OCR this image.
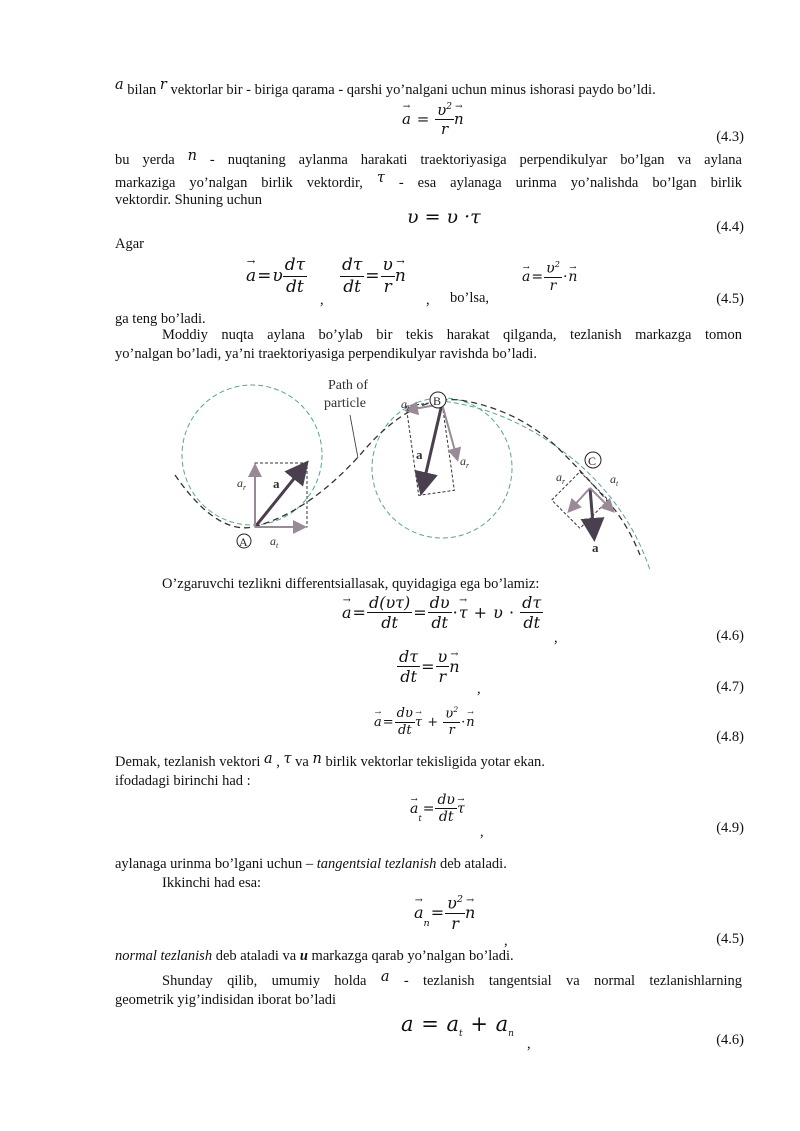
a bilan r vektorlar bir - biriga qarama - qarshi yo’nalgani uchun minus ishorasi paydo bo’ldi.
→ $a = \frac{\upsilon^2}{r}$
→ n
(4.3)
bu yerda n - nuqtaning aylanma harakati traektoriyasiga perpendikulyar bo’lgan va aylana
markaziga yo’nalgan birlik vektordir, τ - esa aylanaga urinma yo’nalishda bo’lgan birlik
vektordir. Shuning uchun
υ = υ ·τ	(4.4)
Agar
→ $a=\upsilon \frac{d\tau}{dt}$
,
$\frac{d\tau}{dt} = \frac{\upsilon}{r}$
→ n
, bo’lsa,
→ $a= \frac{\upsilon^2}{r} \cdot\to n$
(4.5)
ga teng bo’ladi.
Moddiy nuqta aylana bo’ylab bir tekis harakat qilganda, tezlanish markazga tomon
yo’nalgan bo’ladi, ya’ni traektoriyasiga perpendikulyar ravishda bo’ladi.
Path of
particle
A
$a_r$
$a_t$
a
B
$a_t$
$a_r$
a	C
$a_r$	$a_t$
a
O’zgaruvchi tezlikni differentsiallasak, quyidagiga ega bo’lamiz:
→ $a= \frac{d(\upsilon\tau)}{dt} = \frac{d\upsilon}{dt} \cdot\to \tau + \upsilon \cdot \frac{d\tau}{dt}$
,	(4.6)
$\frac{d\tau}{dt} = \frac{\upsilon}{r}$
→ n
,	(4.7)
→ $a= \frac{d\upsilon}{dt}$
→ $\tau + \frac{\upsilon^2}{r} \cdot\to n$
(4.8)
Demak, tezlanish vektori a , τ va n birlik vektorlar tekisligida yotar ekan.
ifodadagi birinchi had :
→ $a_t= \frac{d\upsilon}{dt}$
→ τ
,	(4.9)
aylanaga urinma bo’lgani uchun – tangentsial tezlanish deb ataladi.
Ikkinchi had esa:
→ $a_n= \frac{\upsilon^2}{r}$
→ n
,	(4.5)
normal tezlanish deb ataladi va u markazga qarab yo’nalgan bo’ladi.
Shunday qilib, umumiy holda a - tezlanish tangentsial va normal tezlanishlarning
geometrik yig’indisidan iborat bo’ladi
$a = a_t + a_n$
,	(4.6)
